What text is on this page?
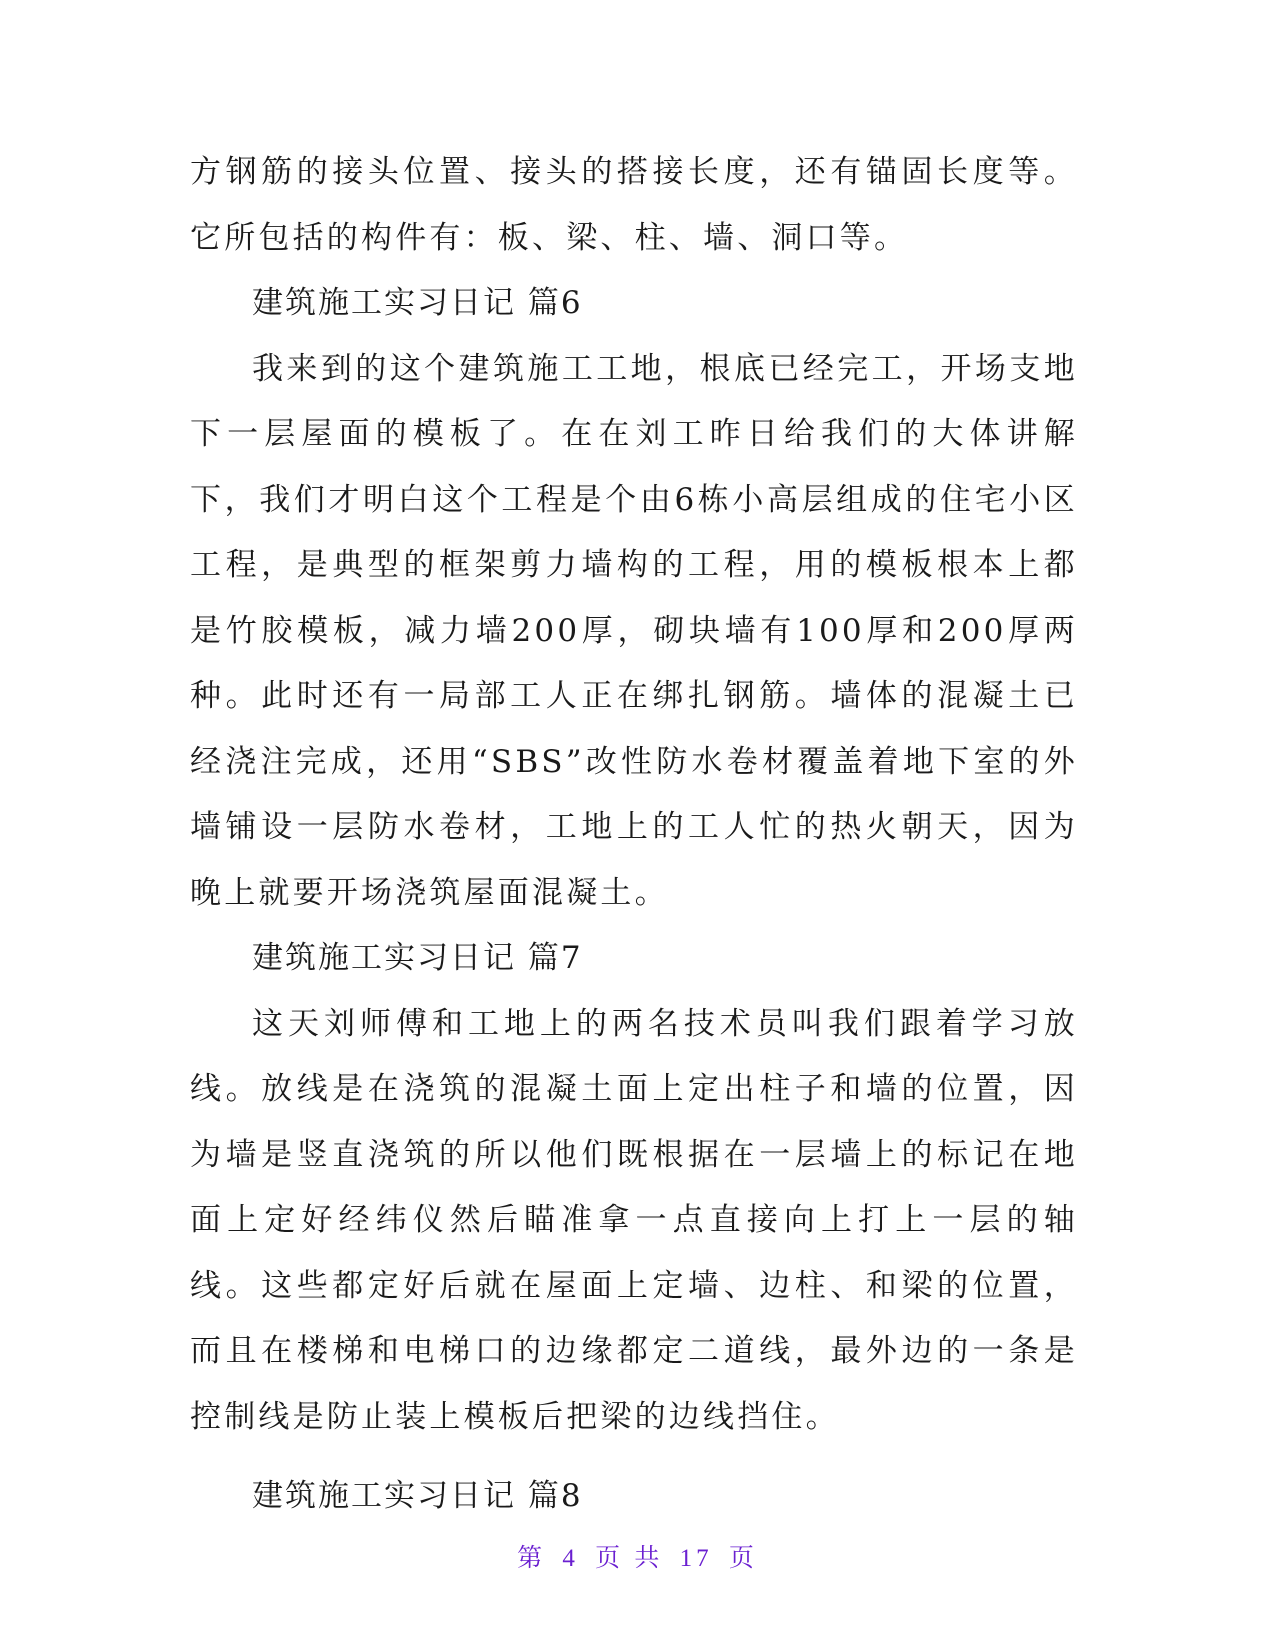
方钢筋的接头位置、接头的搭接长度，还有锚固长度等。它所包括的构件有：板、梁、柱、墙、洞口等。

建筑施工实习日记 篇6

我来到的这个建筑施工工地，根底已经完工，开场支地下一层屋面的模板了。在在刘工昨日给我们的大体讲解下，我们才明白这个工程是个由6栋小高层组成的住宅小区工程，是典型的框架剪力墙构的工程，用的模板根本上都是竹胶模板，减力墙200厚，砌块墙有100厚和200厚两种。此时还有一局部工人正在绑扎钢筋。墙体的混凝土已经浇注完成，还用“SBS”改性防水卷材覆盖着地下室的外墙铺设一层防水卷材，工地上的工人忙的热火朝天，因为晚上就要开场浇筑屋面混凝土。

建筑施工实习日记 篇7

这天刘师傅和工地上的两名技术员叫我们跟着学习放线。放线是在浇筑的混凝土面上定出柱子和墙的位置，因为墙是竖直浇筑的所以他们既根据在一层墙上的标记在地面上定好经纬仪然后瞄准拿一点直接向上打上一层的轴线。这些都定好后就在屋面上定墙、边柱、和梁的位置，而且在楼梯和电梯口的边缘都定二道线，最外边的一条是控制线是防止装上模板后把梁的边线挡住。

建筑施工实习日记 篇8

第 4 页 共 17 页
